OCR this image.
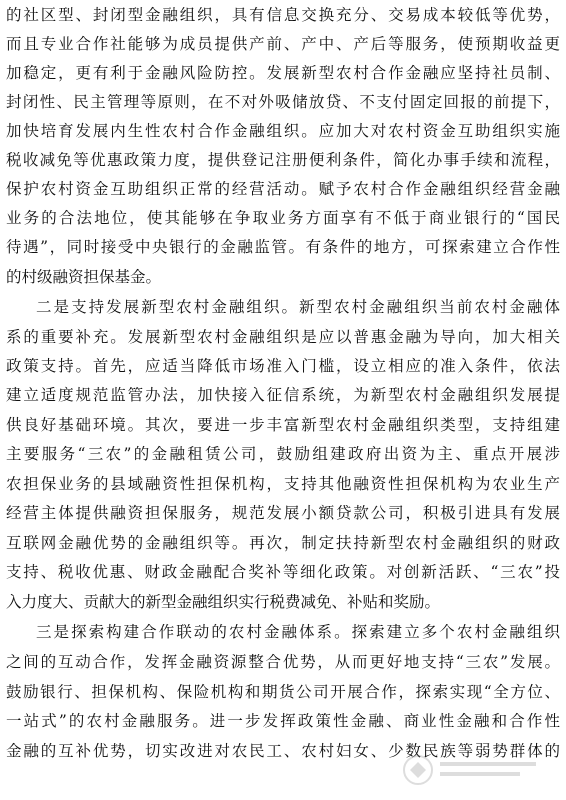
的社区型、封闭型金融组织，具有信息交换充分、交易成本较低等优势，
而且专业合作社能够为成员提供产前、产中、产后等服务，使预期收益更
加稳定，更有利于金融风险防控。发展新型农村合作金融应坚持社员制、
封闭性、民主管理等原则，在不对外吸储放贷、不支付固定回报的前提下，
加快培育发展内生性农村合作金融组织。应加大对农村资金互助组织实施
税收减免等优惠政策力度，提供登记注册便利条件，简化办事手续和流程，
保护农村资金互助组织正常的经营活动。赋予农村合作金融组织经营金融
业务的合法地位，使其能够在争取业务方面享有不低于商业银行的“国民
待遇”，同时接受中央银行的金融监管。有条件的地方，可探索建立合作性
的村级融资担保基金。
二是支持发展新型农村金融组织。新型农村金融组织当前农村金融体
系的重要补充。发展新型农村金融组织是应以普惠金融为导向，加大相关
政策支持。首先，应适当降低市场准入门槛，设立相应的准入条件，依法
建立适度规范监管办法，加快接入征信系统，为新型农村金融组织发展提
供良好基础环境。其次，要进一步丰富新型农村金融组织类型，支持组建
主要服务“三农”的金融租赁公司，鼓励组建政府出资为主、重点开展涉
农担保业务的县域融资性担保机构，支持其他融资性担保机构为农业生产
经营主体提供融资担保服务，规范发展小额贷款公司，积极引进具有发展
互联网金融优势的金融组织等。再次，制定扶持新型农村金融组织的财政
支持、税收优惠、财政金融配合奖补等细化政策。对创新活跃、“三农”投
入力度大、贡献大的新型金融组织实行税费减免、补贴和奖励。
三是探索构建合作联动的农村金融体系。探索建立多个农村金融组织
之间的互动合作，发挥金融资源整合优势，从而更好地支持“三农”发展。
鼓励银行、担保机构、保险机构和期货公司开展合作，探索实现“全方位、
一站式”的农村金融服务。进一步发挥政策性金融、商业性金融和合作性
金融的互补优势，切实改进对农民工、农村妇女、少数民族等弱势群体的
